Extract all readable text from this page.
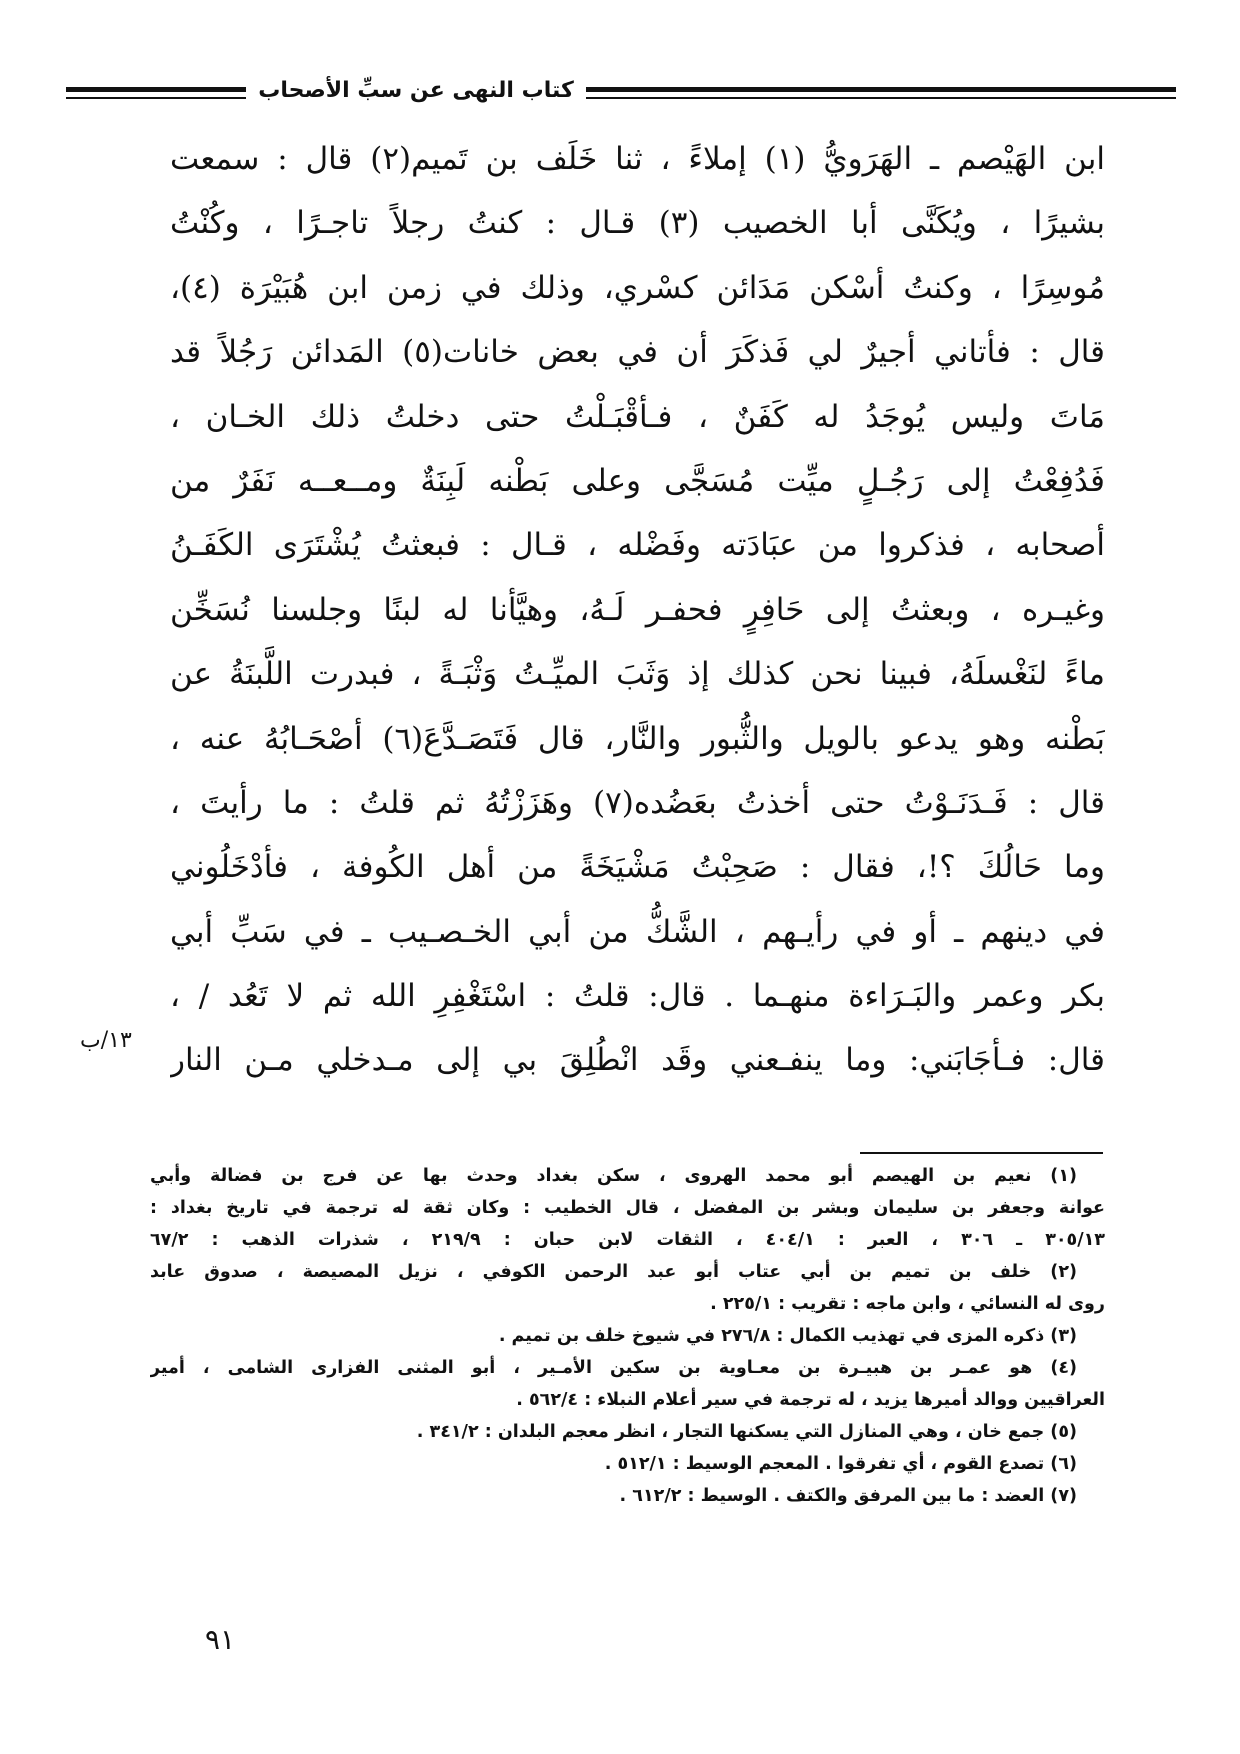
كتاب النهى عن سبِّ الأصحاب
ابن الهَيْصم ـ الهَرَويُّ (١) إملاءً ، ثنا خَلَف بن تَميم(٢) قال : سمعت
بشيرًا ، ويُكَنَّى أبا الخصيب (٣) قـال : كنتُ رجلاً تاجـرًا ، وكُنْتُ
مُوسِرًا ، وكنتُ أسْكن مَدَائن كسْري، وذلك في زمن ابن هُبَيْرَة (٤)،
قال : فأتاني أجيرٌ لي فَذكَرَ أن في بعض خانات(٥) المَدائن رَجُلاً قد
مَاتَ وليس يُوجَدُ له كَفَنٌ ، فـأقْبَـلْتُ حتى دخلتُ ذلك الخـان ،
فَدُفِعْتُ إلى رَجُـلٍ ميِّت مُسَجَّى وعلى بَطْنه لَبِنَةٌ ومــعــه نَفَرٌ من
أصحابه ، فذكروا من عبَادَته وفَضْله ، قـال : فبعثتُ يُشْتَرَى الكَفَـنُ
وغيـره ، وبعثتُ إلى حَافِرٍ فحفـر لَـهُ، وهيَّأنا له لبنًا وجلسنا نُسَخِّن
ماءً لنَغْسلَهُ، فبينا نحن كذلك إذ وَثَبَ الميِّـتُ وَثْبَـةً ، فبدرت اللَّبنَةُ عن
بَطْنه وهو يدعو بالويل والثُّبور والنَّار، قال فَتَصَـدَّعَ(٦) أصْحَـابُهُ عنه ،
قال : فَـدَنَـوْتُ حتى أخذتُ بعَضُده(٧) وهَزَزْتُهُ ثم قلتُ : ما رأيتَ ،
وما حَالُكَ ؟!، فقال : صَحِبْتُ مَشْيَخَةً من أهل الكُوفة ، فأدْخَلُوني
في دينهم ـ أو في رأيـهم ، الشَّكُّ من أبي الخـصـيب ـ في سَبِّ أبي
بكر وعمر والبَـرَاءة منهـما . قال: قلتُ : اسْتَغْفِرِ الله ثم لا تَعُد / ،
قال: فـأجَابَني: وما ينفـعني وقَد انْطُلِقَ بي إلى مـدخلي مـن النار
١٣/ب
(١) نعيم بن الهيصم أبو محمد الهروى ، سكن بغداد وحدث بها عن فرج بن فضالة وأبي
عوانة وجعفر بن سليمان وبشر بن المفضل ، قال الخطيب : وكان ثقة له ترجمة في تاريخ بغداد :
٣٠٥/١٣ ـ ٣٠٦ ، العبر : ٤٠٤/١ ، الثقات لابن حبان : ٢١٩/٩ ، شذرات الذهب : ٦٧/٢
(٢) خلف بن تميم بن أبي عتاب أبو عبد الرحمن الكوفي ، نزيل المصيصة ، صدوق عابد
روى له النسائي ، وابن ماجه : تقريب : ٢٢٥/١ .
(٣) ذكره المزى في تهذيب الكمال : ٢٧٦/٨ في شيوخ خلف بن تميم .
(٤) هو عمـر بن هبيـرة بن معـاوية بن سكين الأمـير ، أبو المثنى الفزارى الشامى ، أمير
العراقيين ووالد أميرها يزيد ، له ترجمة في سير أعلام النبلاء : ٥٦٢/٤ .
(٥) جمع خان ، وهي المنازل التي يسكنها التجار ، انظر معجم البلدان : ٣٤١/٢ .
(٦) تصدع القوم ، أي تفرقوا . المعجم الوسيط : ٥١٢/١ .
(٧) العضد : ما بين المرفق والكتف . الوسيط : ٦١٢/٢ .
٩١
